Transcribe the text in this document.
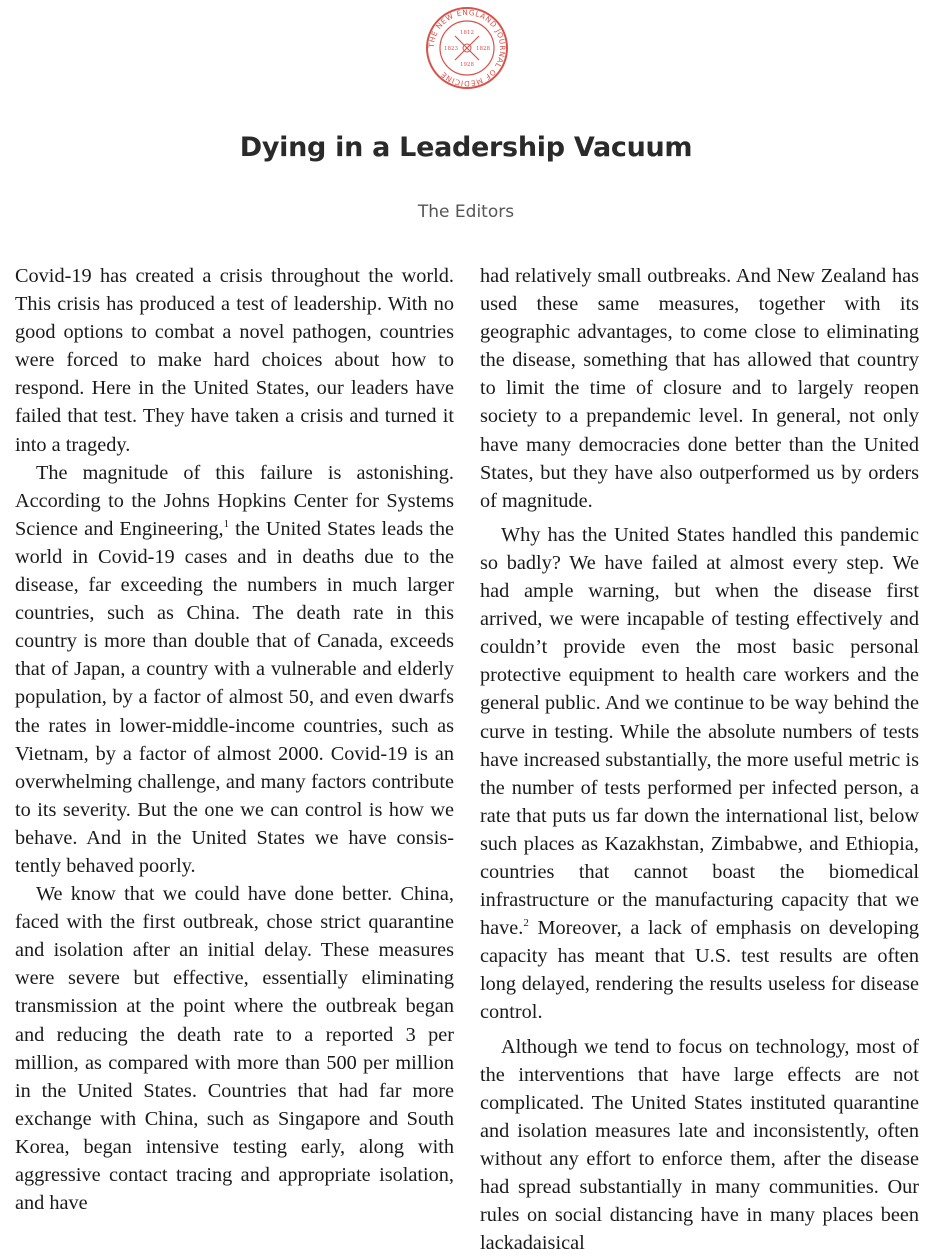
THE NEW ENGLAND JOURNAL OF MEDICINE
1812
1823	1828
1928
Dying in a Leadership Vacuum
The Editors

Covid-19 has created a crisis throughout the world. This crisis has produced a test of leadership. With no good options to combat a novel pathogen, countries were forced to make hard choices about how to respond. Here in the United States, our leaders have failed that test. They have taken a crisis and turned it into a tragedy.

The magnitude of this failure is astonishing. According to the Johns Hopkins Center for Systems Science and Engineering,$^1$ the United States leads the world in Covid-19 cases and in deaths due to the disease, far exceeding the numbers in much larger countries, such as China. The death rate in this country is more than double that of Canada, exceeds that of Japan, a country with a vulnerable and elderly population, by a factor of almost 50, and even dwarfs the rates in lower-middle-income countries, such as Vietnam, by a factor of almost 2000. Covid-19 is an overwhelming challenge, and many factors contribute to its severity. But the one we can control is how we behave. And in the United States we have consistently behaved poorly.

We know that we could have done better. China, faced with the first outbreak, chose strict quarantine and isolation after an initial delay. These measures were severe but effective, essentially eliminating transmission at the point where the outbreak began and reducing the death rate to a reported 3 per million, as compared with more than 500 per million in the United States. Countries that had far more exchange with China, such as Singapore and South Korea, began intensive testing early, along with aggressive contact tracing and appropriate isolation, and have

had relatively small outbreaks. And New Zealand has used these same measures, together with its geographic advantages, to come close to eliminating the disease, something that has allowed that country to limit the time of closure and to largely reopen society to a prepandemic level. In general, not only have many democracies done better than the United States, but they have also outperformed us by orders of magnitude.

Why has the United States handled this pandemic so badly? We have failed at almost every step. We had ample warning, but when the disease first arrived, we were incapable of testing effectively and couldn’t provide even the most basic personal protective equipment to health care workers and the general public. And we continue to be way behind the curve in testing. While the absolute numbers of tests have increased substantially, the more useful metric is the number of tests performed per infected person, a rate that puts us far down the international list, below such places as Kazakhstan, Zimbabwe, and Ethiopia, countries that cannot boast the biomedical infrastructure or the manufacturing capacity that we have.$^2$ Moreover, a lack of emphasis on developing capacity has meant that U.S. test results are often long delayed, rendering the results useless for disease control.

Although we tend to focus on technology, most of the interventions that have large effects are not complicated. The United States instituted quarantine and isolation measures late and inconsistently, often without any effort to enforce them, after the disease had spread substantially in many communities. Our rules on social distancing have in many places been lackadaisical
